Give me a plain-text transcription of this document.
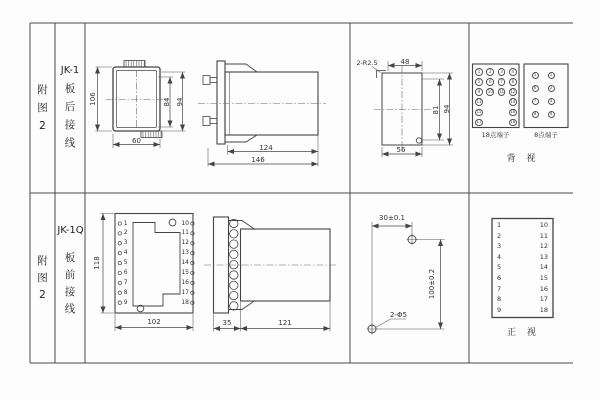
附
图
2
JK-1
板
后
接
线
附
图
2
JK-1Q
板
前
接
线
106	84 94
60
124
146
2-R2.5	48
81 94
56
1	2	3	4
5	6	7	8
9	10	11	12
13	14
15	16
17	18
5	1
6	2
7	3
8	4
18点端子	8点端子
背 视
118
102	35	121
30±0.1
100±0.2
2-Φ5
1
2
3
4
5
6
7
8
9
10
11
12
13
14
15
16
17
18
1
2
3
4
5
6
7
8
9
10
11
12
13
14
15
16
17
18
正 视
